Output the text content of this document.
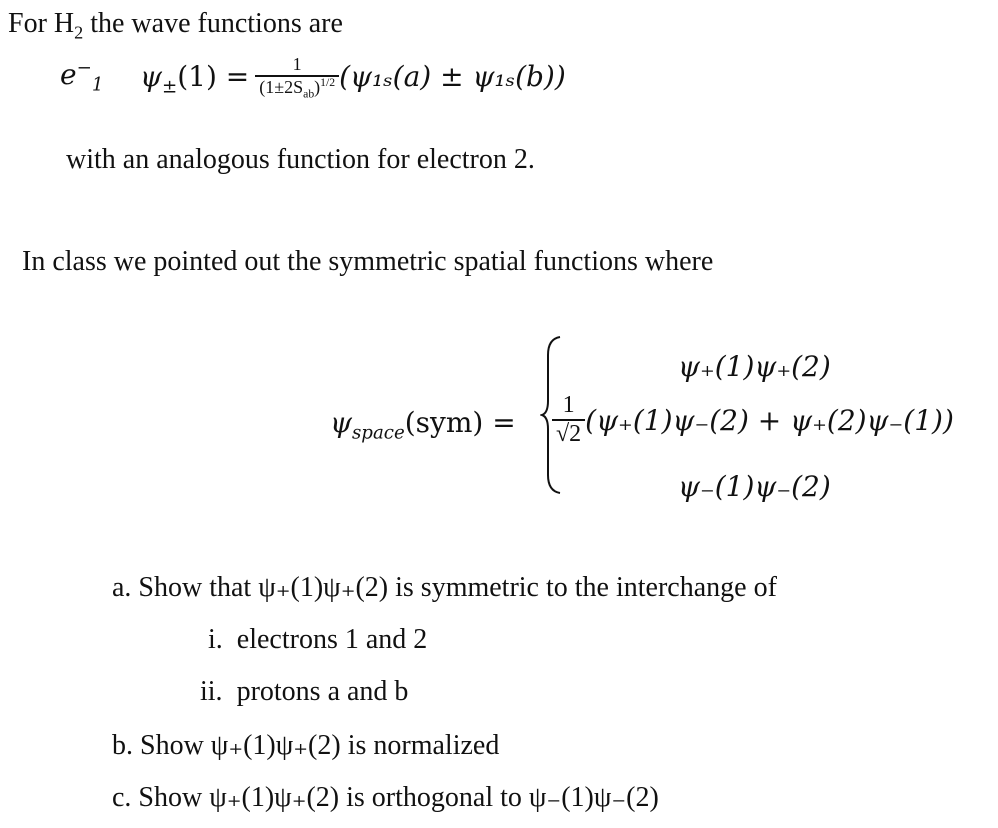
For $H_2$ the wave functions are
$e^-_1$ $\psi_\pm(1) = \frac{1}{(1\pm 2S_{ab})^{1/2}} (\psi_{1s}(a) \pm \psi_{1s}(b))$
with an analogous function for electron 2.
In class we pointed out the symmetric spatial functions where
$\psi_{space}(sym)$ =
ψ₊(1)ψ₊(2)
$\frac{1}{√2} (\psi_+(1)\psi_-(2) + \psi_+(2)\psi_-(1))$
ψ₋(1)ψ₋(2)
a. Show that ψ₊(1)ψ₊(2) is symmetric to the interchange of
i. electrons 1 and 2
ii. protons a and b
b. Show ψ₊(1)ψ₊(2) is normalized
c. Show ψ₊(1)ψ₊(2) is orthogonal to ψ₋(1)ψ₋(2)
